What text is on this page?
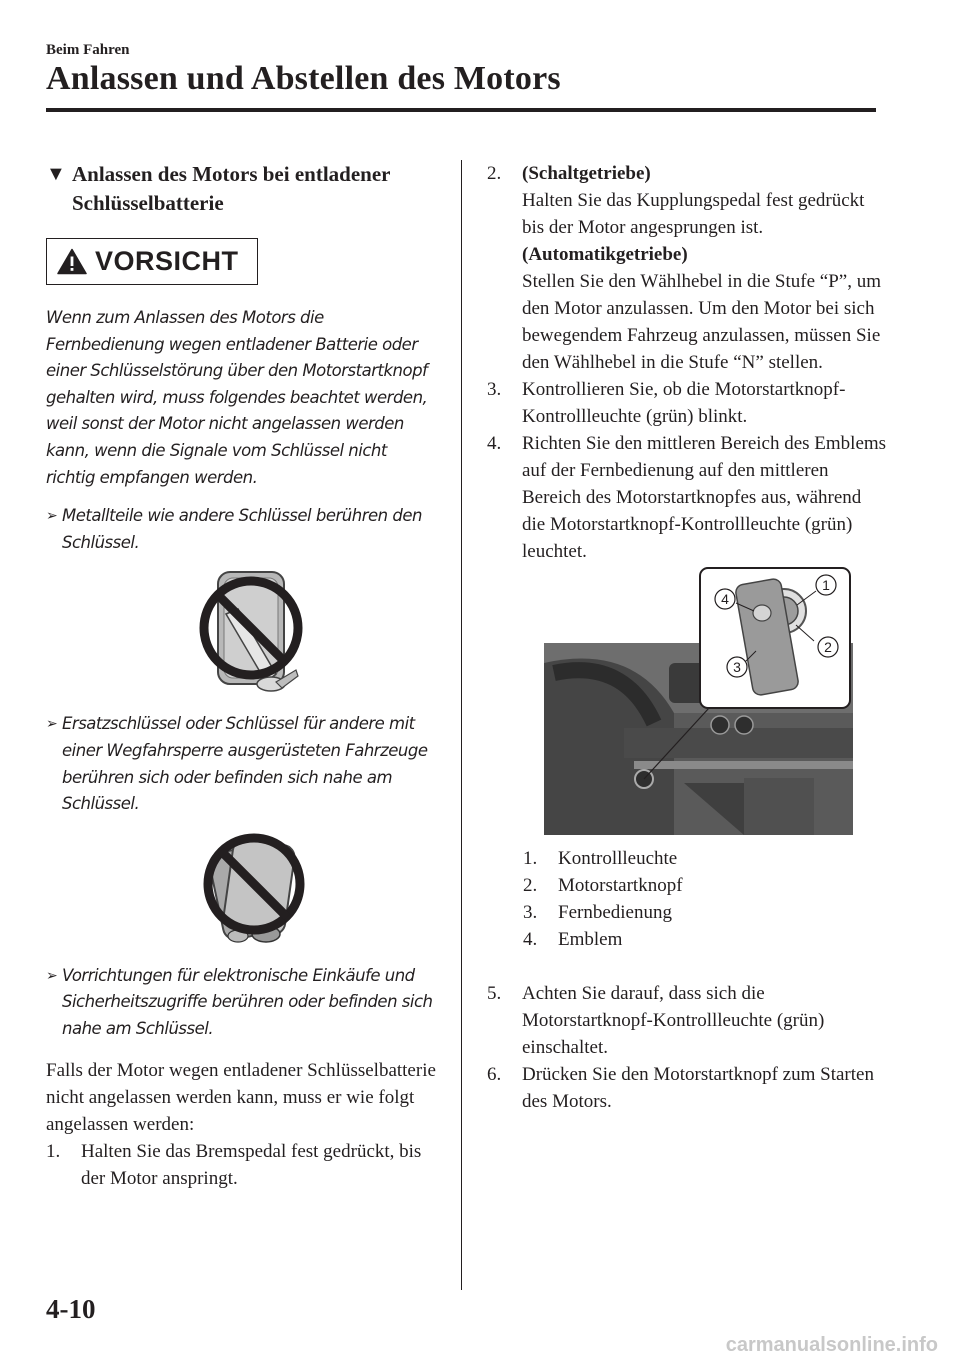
Beim Fahren
Anlassen und Abstellen des Motors
▼ Anlassen des Motors bei entladener Schlüsselbatterie
VORSICHT
Wenn zum Anlassen des Motors die Fernbedienung wegen entladener Batterie oder einer Schlüsselstörung über den Motorstartknopf gehalten wird, muss folgendes beachtet werden, weil sonst der Motor nicht angelassen werden kann, wenn die Signale vom Schlüssel nicht richtig empfangen werden.
➢ Metallteile wie andere Schlüssel berühren den Schlüssel.
➢ Ersatzschlüssel oder Schlüssel für andere mit einer Wegfahrsperre ausgerüsteten Fahrzeuge berühren sich oder befinden sich nahe am Schlüssel.
➢ Vorrichtungen für elektronische Einkäufe und Sicherheitszugriffe berühren oder befinden sich nahe am Schlüssel.
Falls der Motor wegen entladener Schlüsselbatterie nicht angelassen werden kann, muss er wie folgt angelassen werden:
1.	Halten Sie das Bremspedal fest gedrückt, bis der Motor anspringt.
2.	(Schaltgetriebe)
Halten Sie das Kupplungspedal fest gedrückt bis der Motor angesprungen ist.
(Automatikgetriebe)
Stellen Sie den Wählhebel in die Stufe “P”, um den Motor anzulassen. Um den Motor bei sich bewegendem Fahrzeug anzulassen, müssen Sie den Wählhebel in die Stufe “N” stellen.
3.	Kontrollieren Sie, ob die Motorstartknopf-Kontrollleuchte (grün) blinkt.
4.	Richten Sie den mittleren Bereich des Emblems auf der Fernbedienung auf den mittleren Bereich des Motorstartknopfes aus, während die Motorstartknopf-Kontrollleuchte (grün) leuchtet.
1
2
3
4
1.	Kontrollleuchte
2.	Motorstartknopf
3.	Fernbedienung
4.	Emblem
5.	Achten Sie darauf, dass sich die Motorstartknopf-Kontrollleuchte (grün) einschaltet.
6.	Drücken Sie den Motorstartknopf zum Starten des Motors.
4-10
carmanualsonline.info
